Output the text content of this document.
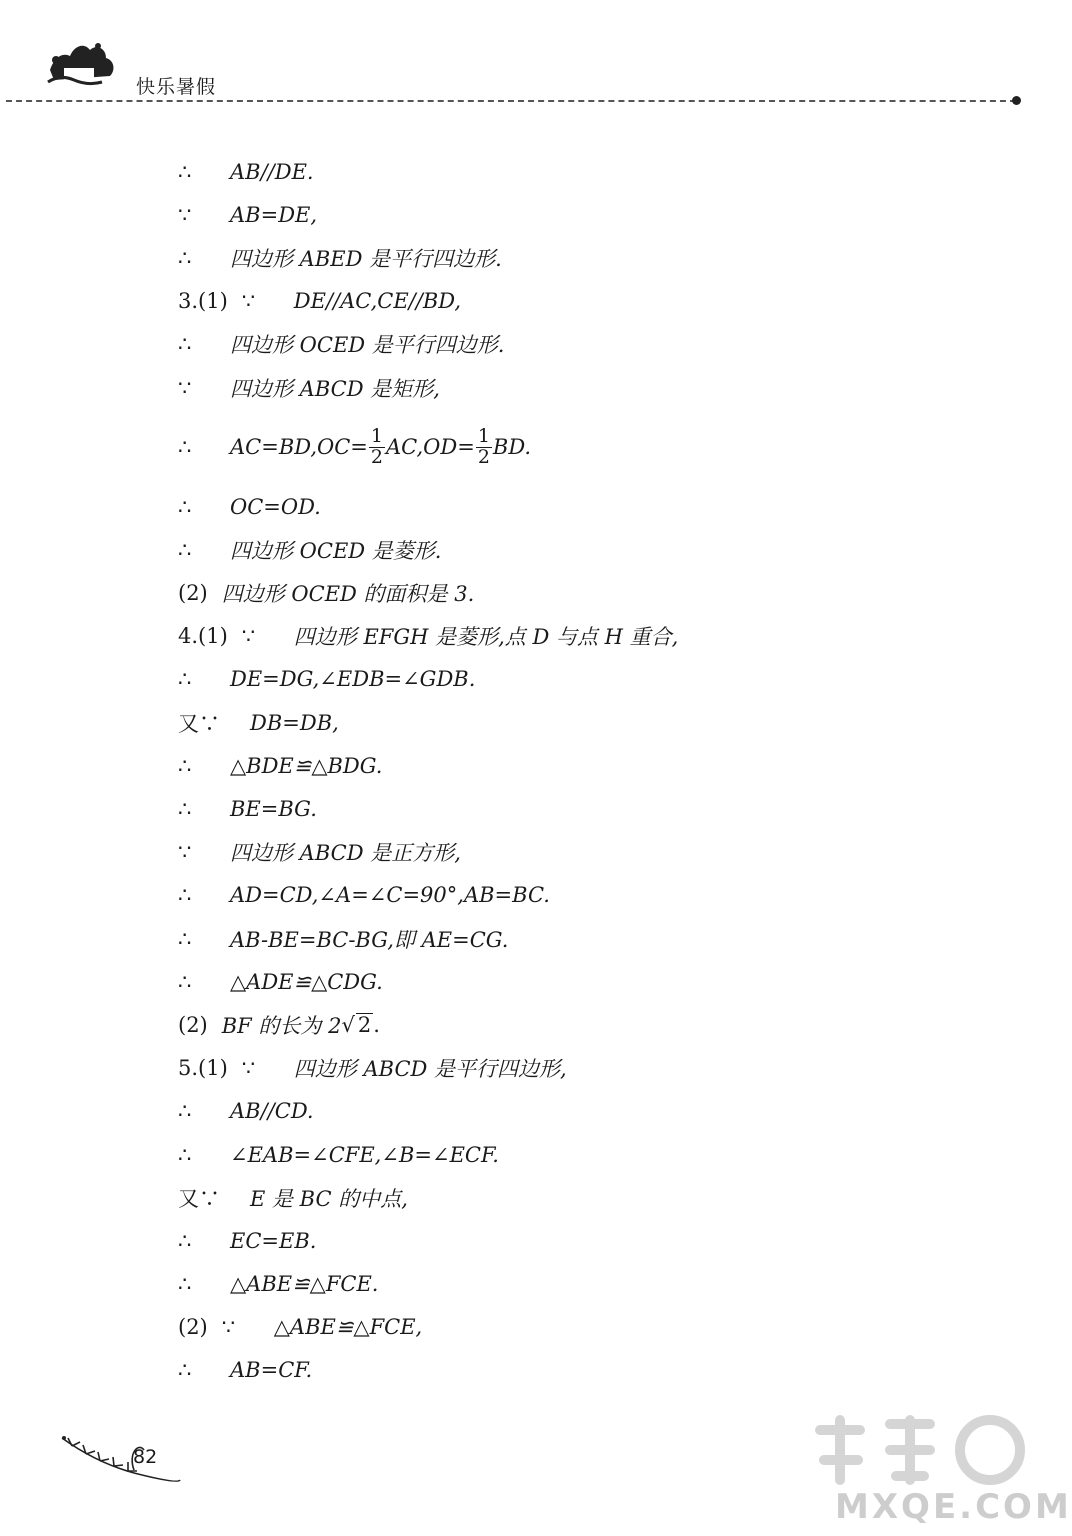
快乐暑假
∴	AB//DE.
∵	AB=DE,
∴	四边形 ABED 是平行四边形.
3.(1) ∵	DE//AC,CE//BD,
∴	四边形 OCED 是平行四边形.
∵	四边形 ABCD 是矩形,
∴	$AC=BD,OC= \frac{1}{2} AC,OD= \frac{1}{2}$ BD.
∴	OC=OD.
∴	四边形 OCED 是菱形.
(2) 四边形 OCED 的面积是 3.
4.(1) ∵	四边形 EFGH 是菱形,点 D 与点 H 重合,
∴	DE=DG,∠EDB=∠GDB.
又∵	DB=DB,
∴	△BDE≌△BDG.
∴	BE=BG.
∵	四边形 ABCD 是正方形,
∴	AD=CD,∠A=∠C=90°,AB=BC.
∴	AB-BE=BC-BG,即 AE=CG.
∴	△ADE≌△CDG.
(2) BF 的长为 2 √ 2 .
5.(1) ∵	四边形 ABCD 是平行四边形,
∴	AB//CD.
∴	∠EAB=∠CFE,∠B=∠ECF.
又∵	E 是 BC 的中点,
∴	EC=EB.
∴	△ABE≌△FCE.
(2) ∵	△ABE≌△FCE,
∴	AB=CF.
82
MXQE.COM
